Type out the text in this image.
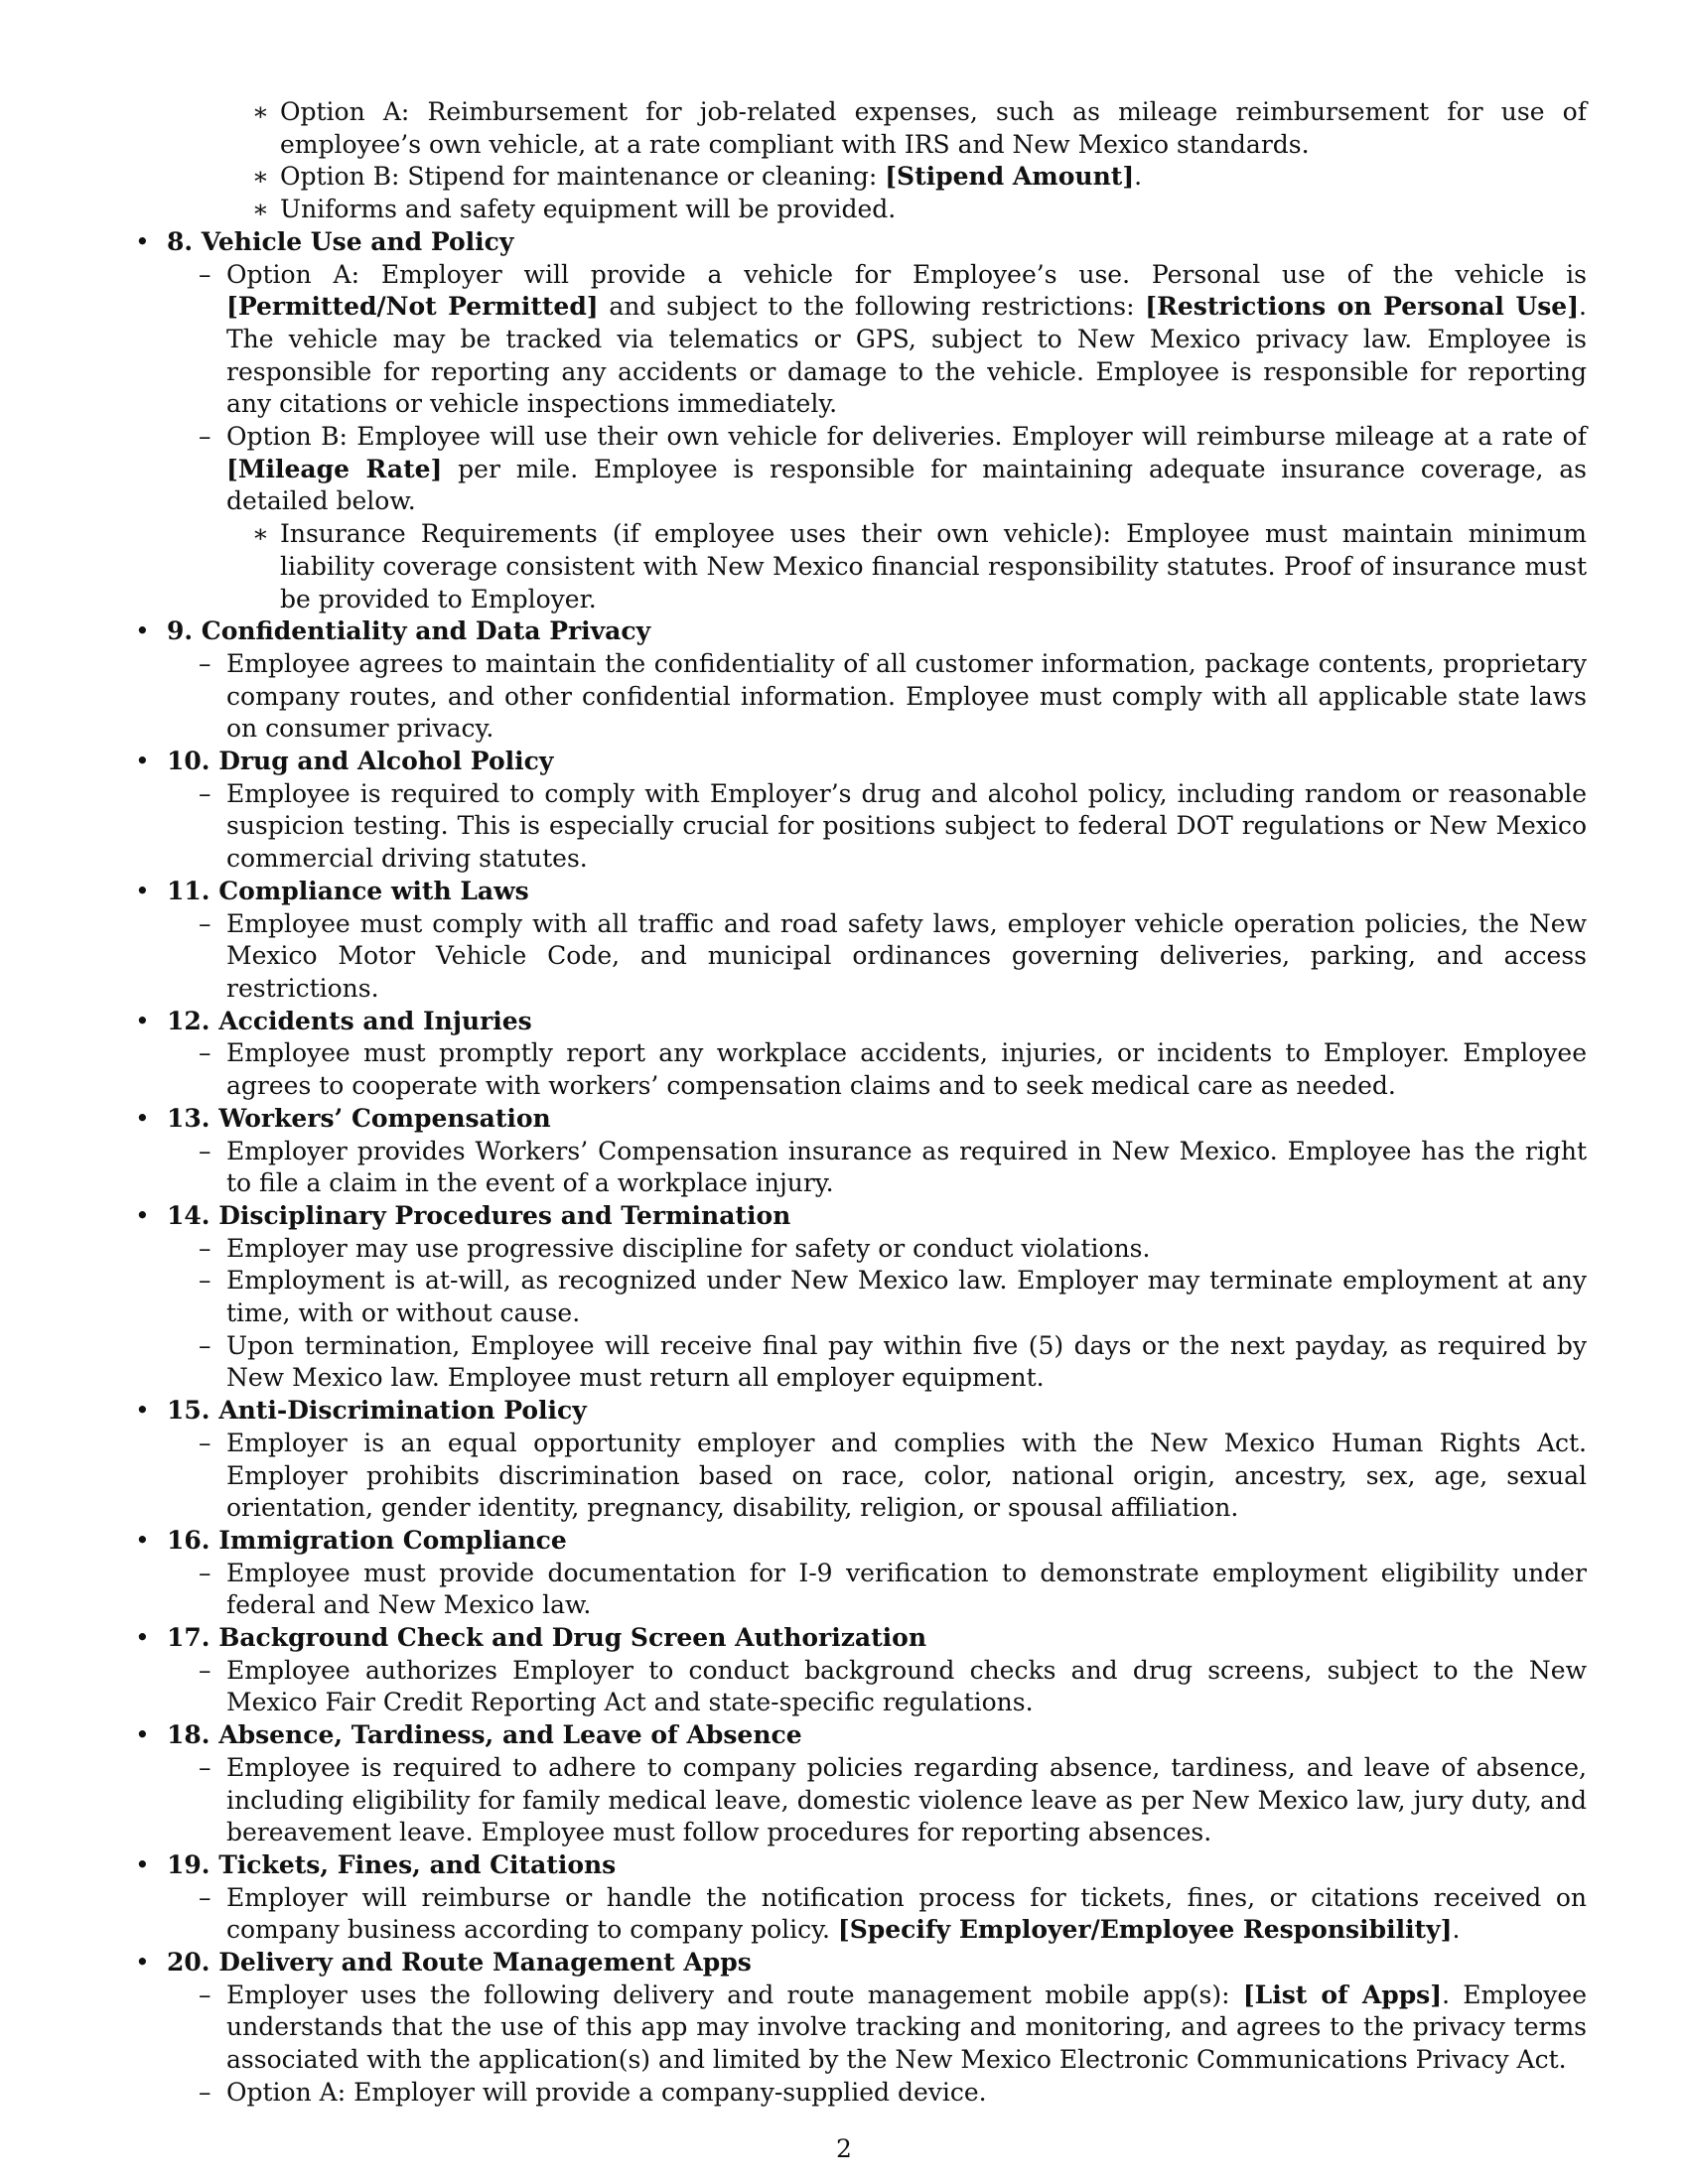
∗ Option A: Reimbursement for job-related expenses, such as mileage reimbursement for use of employee’s own vehicle, at a rate compliant with IRS and New Mexico standards.
∗ Option B: Stipend for maintenance or cleaning: [Stipend Amount].
∗ Uniforms and safety equipment will be provided.
• 8. Vehicle Use and Policy
– Option A: Employer will provide a vehicle for Employee’s use. Personal use of the vehicle is [Permitted/Not Permitted] and subject to the following restrictions: [Restrictions on Personal Use]. The vehicle may be tracked via telematics or GPS, subject to New Mexico privacy law. Employee is responsible for reporting any accidents or damage to the vehicle. Employee is responsible for reporting any citations or vehicle inspections immediately.
– Option B: Employee will use their own vehicle for deliveries. Employer will reimburse mileage at a rate of [Mileage Rate] per mile. Employee is responsible for maintaining adequate insurance coverage, as detailed below.
∗ Insurance Requirements (if employee uses their own vehicle): Employee must maintain minimum liability coverage consistent with New Mexico financial responsibility statutes. Proof of insurance must be provided to Employer.
• 9. Confidentiality and Data Privacy
– Employee agrees to maintain the confidentiality of all customer information, package contents, proprietary company routes, and other confidential information. Employee must comply with all applicable state laws on consumer privacy.
• 10. Drug and Alcohol Policy
– Employee is required to comply with Employer’s drug and alcohol policy, including random or reasonable suspicion testing. This is especially crucial for positions subject to federal DOT regulations or New Mexico commercial driving statutes.
• 11. Compliance with Laws
– Employee must comply with all traffic and road safety laws, employer vehicle operation policies, the New Mexico Motor Vehicle Code, and municipal ordinances governing deliveries, parking, and access restrictions.
• 12. Accidents and Injuries
– Employee must promptly report any workplace accidents, injuries, or incidents to Employer. Employee agrees to cooperate with workers’ compensation claims and to seek medical care as needed.
• 13. Workers’ Compensation
– Employer provides Workers’ Compensation insurance as required in New Mexico. Employee has the right to file a claim in the event of a workplace injury.
• 14. Disciplinary Procedures and Termination
– Employer may use progressive discipline for safety or conduct violations.
– Employment is at-will, as recognized under New Mexico law. Employer may terminate employment at any time, with or without cause.
– Upon termination, Employee will receive final pay within five (5) days or the next payday, as required by New Mexico law. Employee must return all employer equipment.
• 15. Anti-Discrimination Policy
– Employer is an equal opportunity employer and complies with the New Mexico Human Rights Act. Employer prohibits discrimination based on race, color, national origin, ancestry, sex, age, sexual orientation, gender identity, pregnancy, disability, religion, or spousal affiliation.
• 16. Immigration Compliance
– Employee must provide documentation for I-9 verification to demonstrate employment eligibility under federal and New Mexico law.
• 17. Background Check and Drug Screen Authorization
– Employee authorizes Employer to conduct background checks and drug screens, subject to the New Mexico Fair Credit Reporting Act and state-specific regulations.
• 18. Absence, Tardiness, and Leave of Absence
– Employee is required to adhere to company policies regarding absence, tardiness, and leave of absence, including eligibility for family medical leave, domestic violence leave as per New Mexico law, jury duty, and bereavement leave. Employee must follow procedures for reporting absences.
• 19. Tickets, Fines, and Citations
– Employer will reimburse or handle the notification process for tickets, fines, or citations received on company business according to company policy. [Specify Employer/Employee Responsibility].
• 20. Delivery and Route Management Apps
– Employer uses the following delivery and route management mobile app(s): [List of Apps]. Employee understands that the use of this app may involve tracking and monitoring, and agrees to the privacy terms associated with the application(s) and limited by the New Mexico Electronic Communications Privacy Act.
– Option A: Employer will provide a company-supplied device.
2
